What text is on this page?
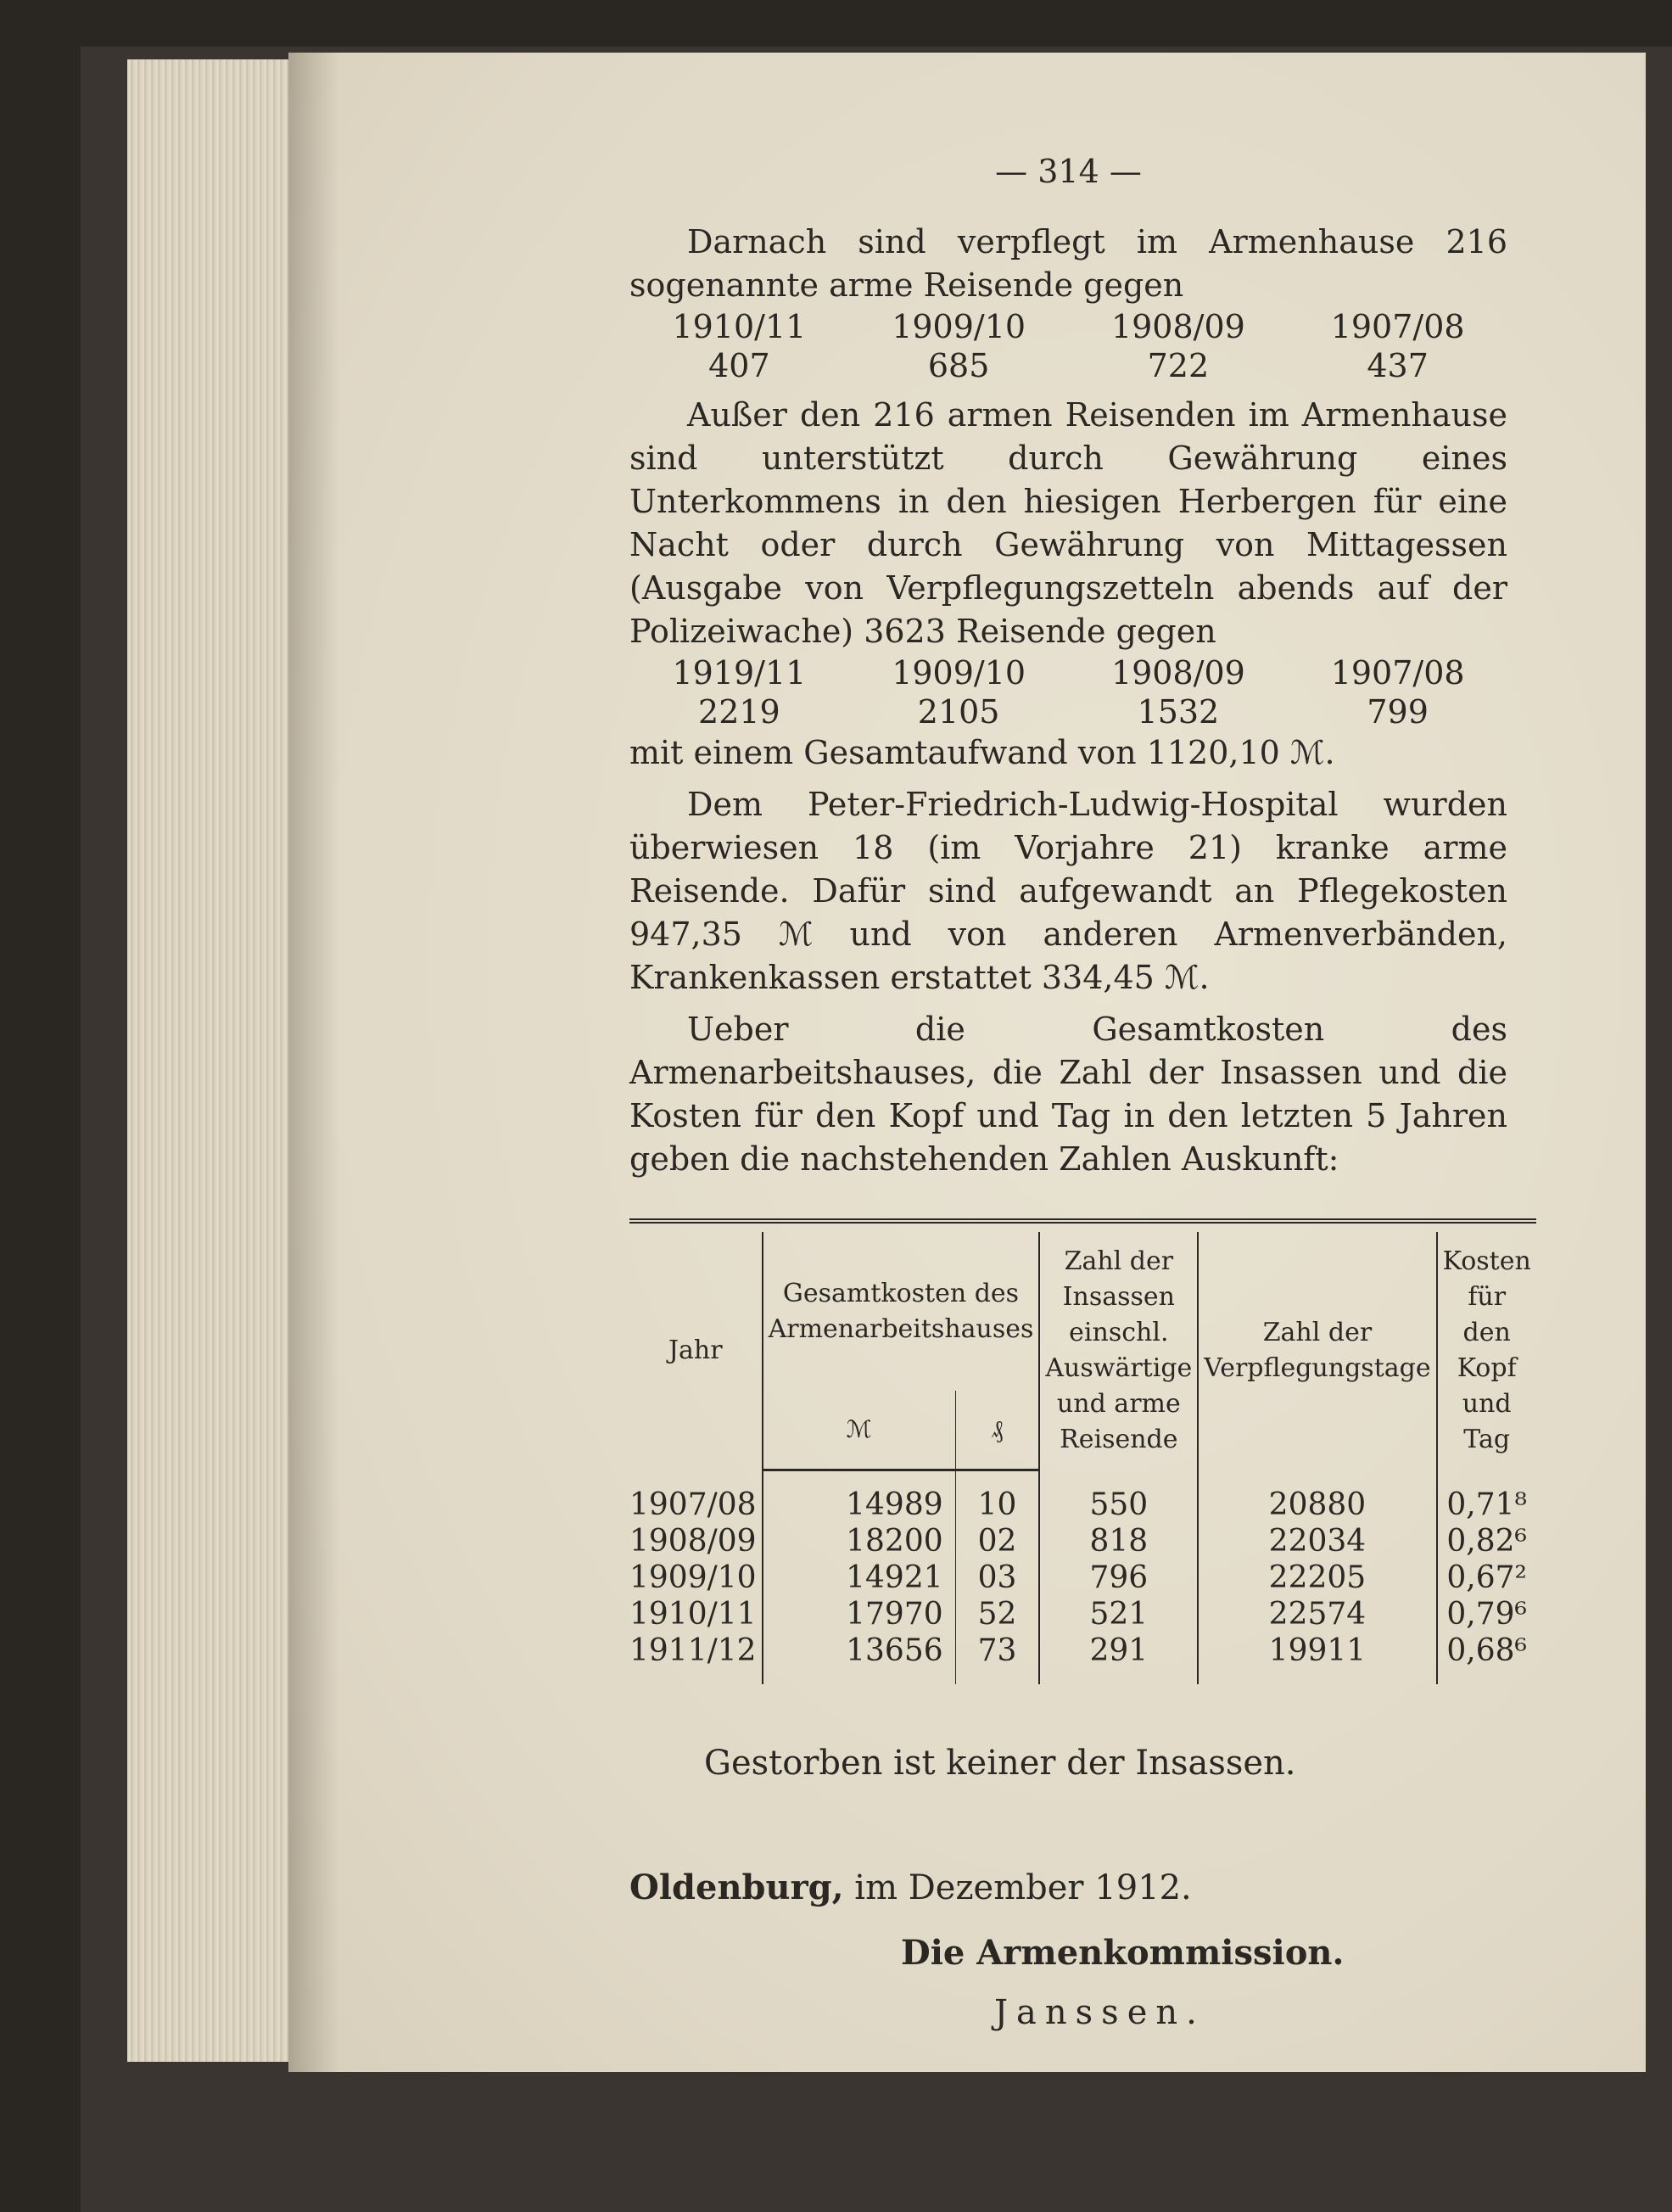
— 314 —

Darnach sind verpflegt im Armenhause 216 sogenannte arme Reisende gegen

1910/11	1909/10	1908/09	1907/08
407	685	722	437

Außer den 216 armen Reisenden im Armenhause sind unterstützt durch Gewährung eines Unterkommens in den hiesigen Herbergen für eine Nacht oder durch Gewährung von Mittagessen (Ausgabe von Verpflegungszetteln abends auf der Polizeiwache) 3623 Reisende gegen

1919/11	1909/10	1908/09	1907/08
2219	2105	1532	799

mit einem Gesamtaufwand von 1120,10 ℳ.

Dem Peter-Friedrich-Ludwig-Hospital wurden überwiesen 18 (im Vorjahre 21) kranke arme Reisende. Dafür sind aufgewandt an Pflegekosten 947,35 ℳ und von anderen Armenverbänden, Krankenkassen erstattet 334,45 ℳ.

Ueber die Gesamtkosten des Armenarbeitshauses, die Zahl der Insassen und die Kosten für den Kopf und Tag in den letzten 5 Jahren geben die nachstehenden Zahlen Auskunft:

Jahr	Gesamtkosten des Armenarbeitshauses		Zahl der Insassen einschl. Auswärtige und arme Reisende	Zahl der Verpflegungstage	Kosten für den Kopf und Tag
	ℳ	₰			

1907/08	14989	10	550	20880	0,71⁸
1908/09	18200	02	818	22034	0,82⁶
1909/10	14921	03	796	22205	0,67²
1910/11	17970	52	521	22574	0,79⁶
1911/12	13656	73	291	19911	0,68⁶

Gestorben ist keiner der Insassen.
Oldenburg, im Dezember 1912.
Die Armenkommission.
Janssen.
